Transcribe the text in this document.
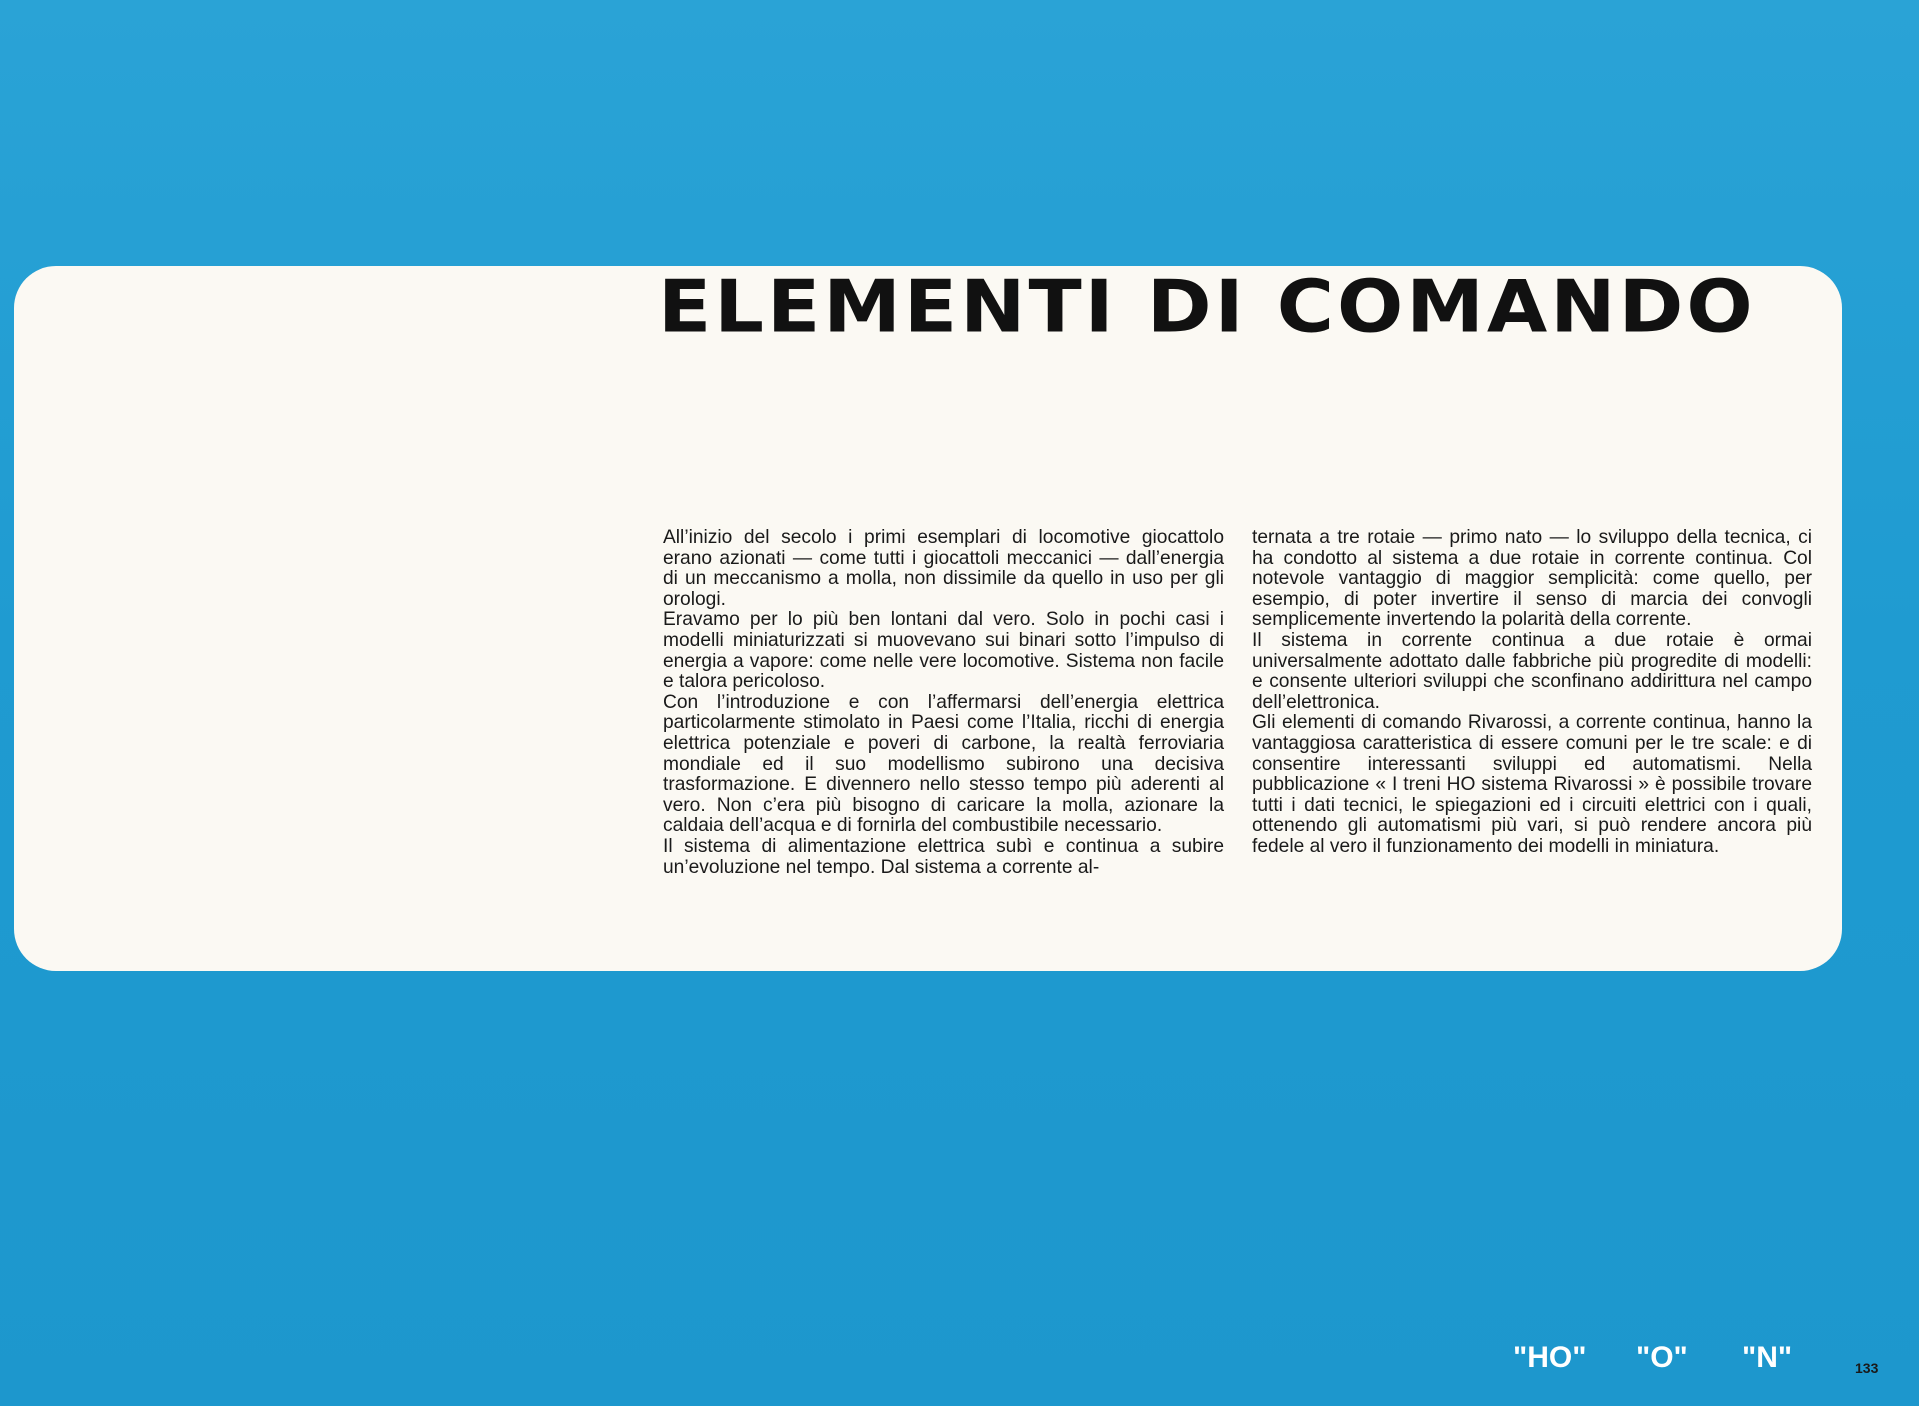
ELEMENTI DI COMANDO

All’inizio del secolo i primi esemplari di locomotive giocattolo erano azionati — come tutti i giocattoli meccanici — dall’energia di un meccanismo a molla, non dissimile da quello in uso per gli orologi.

Eravamo per lo più ben lontani dal vero. Solo in pochi casi i modelli miniaturizzati si muovevano sui binari sotto l’impulso di energia a vapore: come nelle vere locomotive. Sistema non facile e talora pericoloso.

Con l’introduzione e con l’affermarsi dell’energia elettrica particolarmente stimolato in Paesi come l’Italia, ricchi di energia elettrica potenziale e poveri di carbone, la realtà ferroviaria mondiale ed il suo modellismo subirono una decisiva trasformazione. E divennero nello stesso tempo più aderenti al vero. Non c’era più bisogno di caricare la molla, azionare la caldaia dell’acqua e di fornirla del combustibile necessario.

Il sistema di alimentazione elettrica subì e continua a subire un’evoluzione nel tempo. Dal sistema a corrente al-

ternata a tre rotaie — primo nato — lo sviluppo della tecnica, ci ha condotto al sistema a due rotaie in corrente continua. Col notevole vantaggio di maggior semplicità: come quello, per esempio, di poter invertire il senso di marcia dei convogli semplicemente invertendo la polarità della corrente.

Il sistema in corrente continua a due rotaie è ormai universalmente adottato dalle fabbriche più progredite di modelli: e consente ulteriori sviluppi che sconfinano addirittura nel campo dell’elettronica.

Gli elementi di comando Rivarossi, a corrente continua, hanno la vantaggiosa caratteristica di essere comuni per le tre scale: e di consentire interessanti sviluppi ed automatismi. Nella pubblicazione « I treni HO sistema Rivarossi » è possibile trovare tutti i dati tecnici, le spiegazioni ed i circuiti elettrici con i quali, ottenendo gli automatismi più vari, si può rendere ancora più fedele al vero il funzionamento dei modelli in miniatura.

"HO" "O" "N"	133
